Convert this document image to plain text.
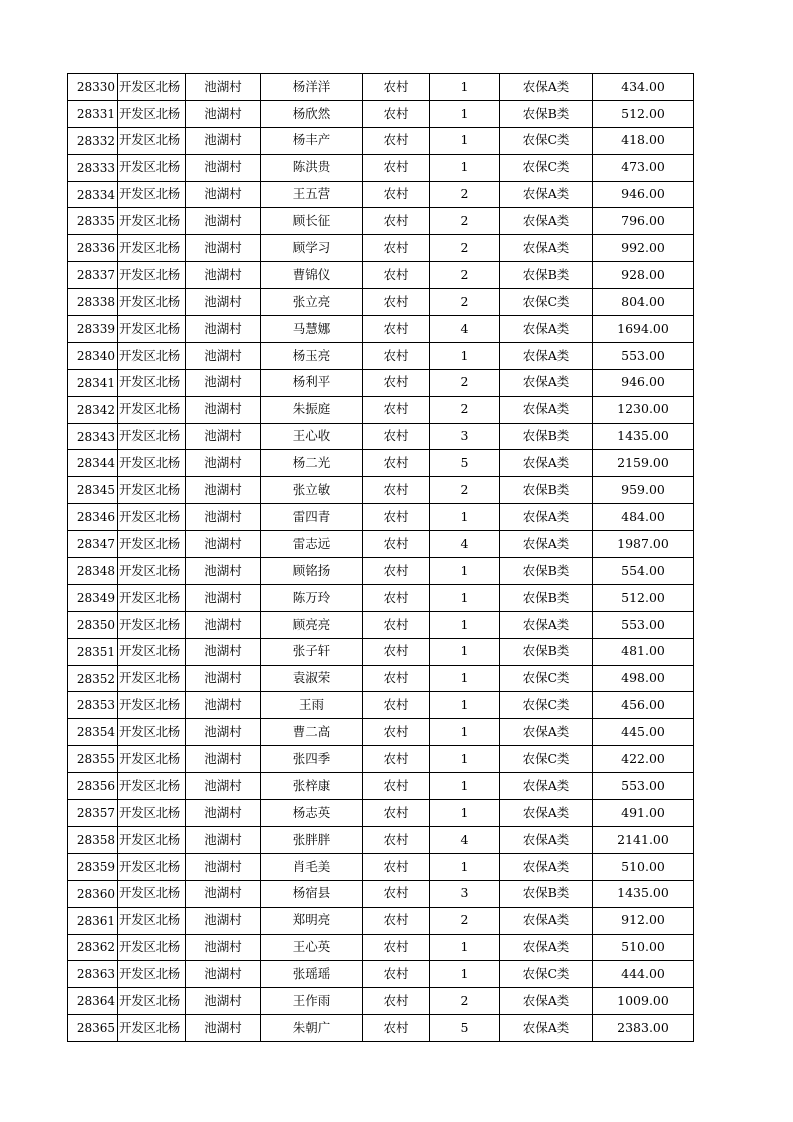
28330	开发区北杨	池湖村	杨洋洋	农村	1	农保A类	434.00
28331	开发区北杨	池湖村	杨欣然	农村	1	农保B类	512.00
28332	开发区北杨	池湖村	杨丰产	农村	1	农保C类	418.00
28333	开发区北杨	池湖村	陈洪贵	农村	1	农保C类	473.00
28334	开发区北杨	池湖村	王五营	农村	2	农保A类	946.00
28335	开发区北杨	池湖村	顾长征	农村	2	农保A类	796.00
28336	开发区北杨	池湖村	顾学习	农村	2	农保A类	992.00
28337	开发区北杨	池湖村	曹锦仪	农村	2	农保B类	928.00
28338	开发区北杨	池湖村	张立亮	农村	2	农保C类	804.00
28339	开发区北杨	池湖村	马慧娜	农村	4	农保A类	1694.00
28340	开发区北杨	池湖村	杨玉亮	农村	1	农保A类	553.00
28341	开发区北杨	池湖村	杨利平	农村	2	农保A类	946.00
28342	开发区北杨	池湖村	朱振庭	农村	2	农保A类	1230.00
28343	开发区北杨	池湖村	王心收	农村	3	农保B类	1435.00
28344	开发区北杨	池湖村	杨二光	农村	5	农保A类	2159.00
28345	开发区北杨	池湖村	张立敏	农村	2	农保B类	959.00
28346	开发区北杨	池湖村	雷四青	农村	1	农保A类	484.00
28347	开发区北杨	池湖村	雷志远	农村	4	农保A类	1987.00
28348	开发区北杨	池湖村	顾铭扬	农村	1	农保B类	554.00
28349	开发区北杨	池湖村	陈万玲	农村	1	农保B类	512.00
28350	开发区北杨	池湖村	顾亮亮	农村	1	农保A类	553.00
28351	开发区北杨	池湖村	张子轩	农村	1	农保B类	481.00
28352	开发区北杨	池湖村	袁淑荣	农村	1	农保C类	498.00
28353	开发区北杨	池湖村	王雨	农村	1	农保C类	456.00
28354	开发区北杨	池湖村	曹二高	农村	1	农保A类	445.00
28355	开发区北杨	池湖村	张四季	农村	1	农保C类	422.00
28356	开发区北杨	池湖村	张梓康	农村	1	农保A类	553.00
28357	开发区北杨	池湖村	杨志英	农村	1	农保A类	491.00
28358	开发区北杨	池湖村	张胖胖	农村	4	农保A类	2141.00
28359	开发区北杨	池湖村	肖毛美	农村	1	农保A类	510.00
28360	开发区北杨	池湖村	杨宿县	农村	3	农保B类	1435.00
28361	开发区北杨	池湖村	郑明亮	农村	2	农保A类	912.00
28362	开发区北杨	池湖村	王心英	农村	1	农保A类	510.00
28363	开发区北杨	池湖村	张瑶瑶	农村	1	农保C类	444.00
28364	开发区北杨	池湖村	王作雨	农村	2	农保A类	1009.00
28365	开发区北杨	池湖村	朱朝广	农村	5	农保A类	2383.00
